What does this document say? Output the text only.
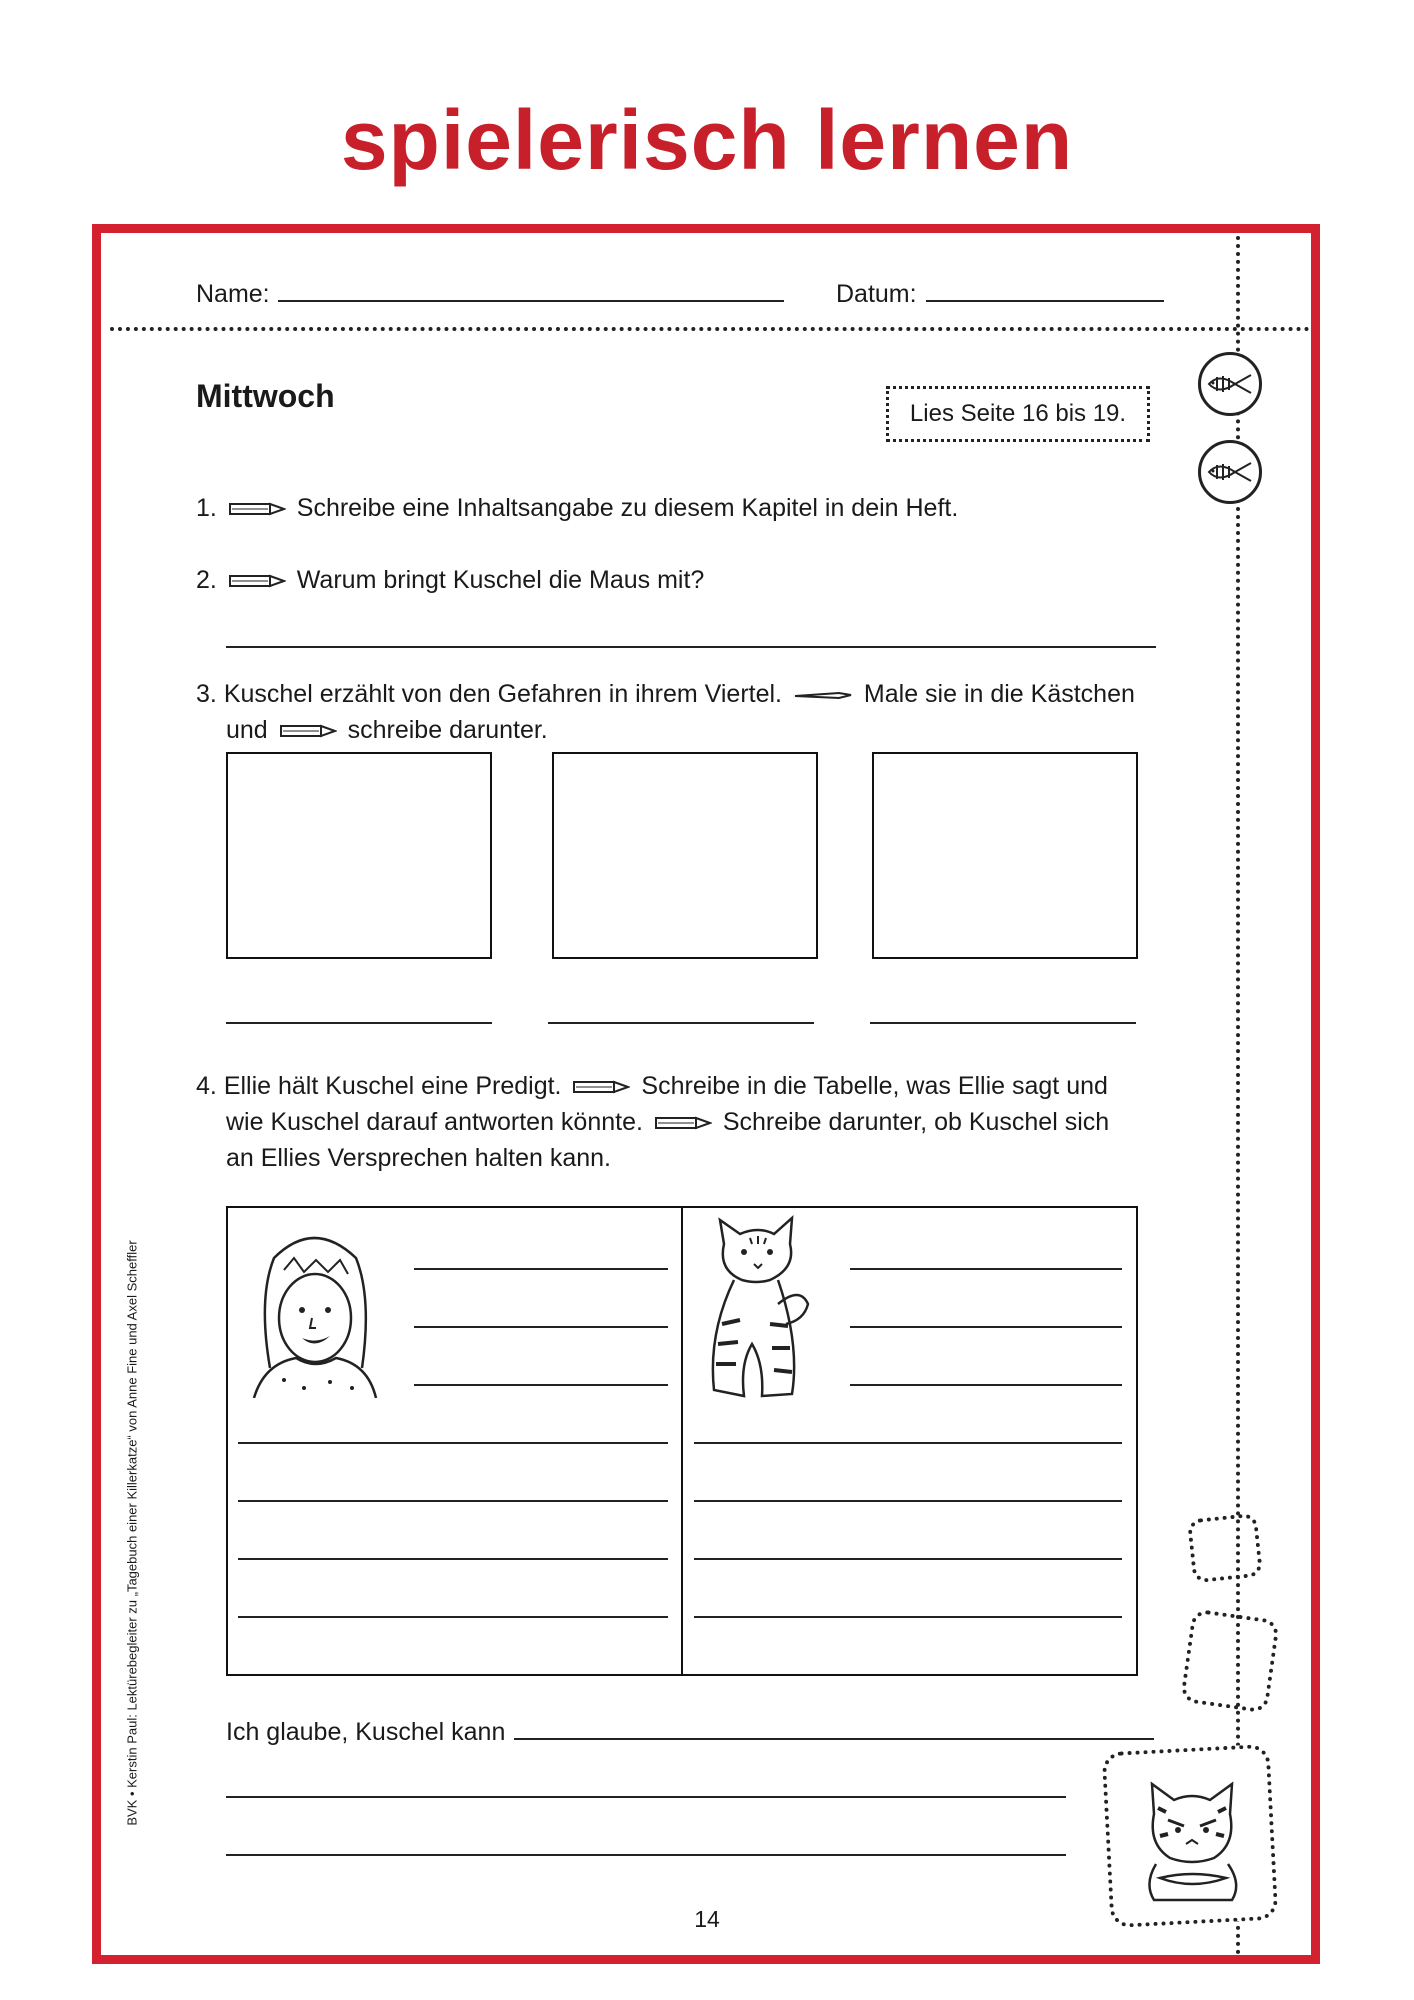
spielerisch lernen
Name:	Datum:
Mittwoch	Lies Seite 16 bis 19.
1.	Schreibe eine Inhaltsangabe zu diesem Kapitel in dein Heft.
2.	Warum bringt Kuschel die Maus mit?
3. Kuschel erzählt von den Gefahren in ihrem Viertel.	Male sie in die Kästchen
und	schreibe darunter.
4. Ellie hält Kuschel eine Predigt.	Schreibe in die Tabelle, was Ellie sagt und
wie Kuschel darauf antworten könnte.	Schreibe darunter, ob Kuschel sich
an Ellies Versprechen halten kann.
Ich glaube, Kuschel kann
BVK • Kerstin Paul: Lektürebegleiter zu „Tagebuch einer Killerkatze“ von Anne Fine und Axel Scheffler
14
